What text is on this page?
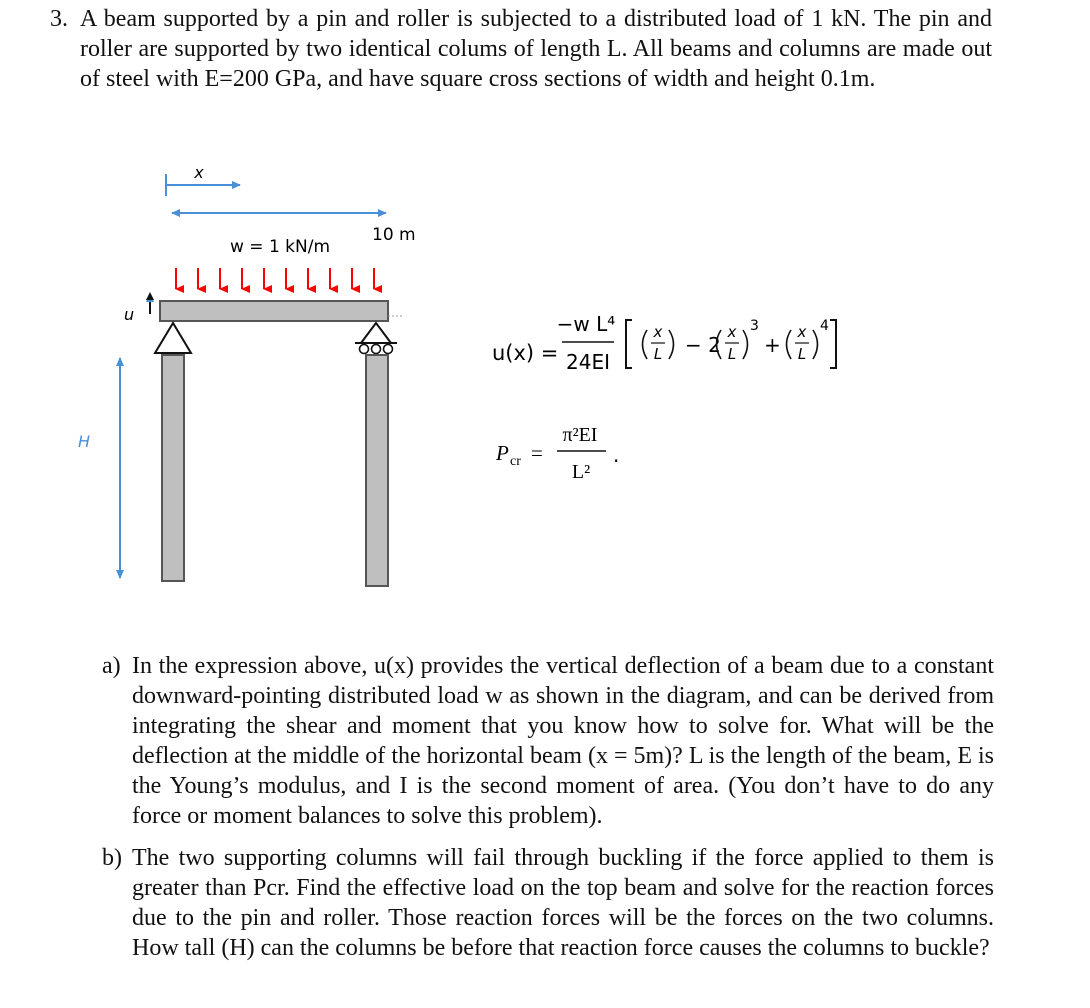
3. A beam supported by a pin and roller is subjected to a distributed load of 1 kN. The pin and roller are supported by two identical colums of length L. All beams and columns are made out of steel with E=200 GPa, and have square cross sections of width and height 0.1m.
x
10 m
w = 1 kN/m
u
H
u(x) =
−w L⁴
24EI
x
L − 2
x
L
3
+
x
L
4
P cr =
π²EI
L²
.
a) In the expression above, u(x) provides the vertical deflection of a beam due to a constant downward-pointing distributed load w as shown in the diagram, and can be derived from integrating the shear and moment that you know how to solve for. What will be the deflection at the middle of the horizontal beam (x = 5m)? L is the length of the beam, E is the Young’s modulus, and I is the second moment of area. (You don’t have to do any force or moment balances to solve this problem).
b) The two supporting columns will fail through buckling if the force applied to them is greater than Pcr. Find the effective load on the top beam and solve for the reaction forces due to the pin and roller. Those reaction forces will be the forces on the two columns. How tall (H) can the columns be before that reaction force causes the columns to buckle?
